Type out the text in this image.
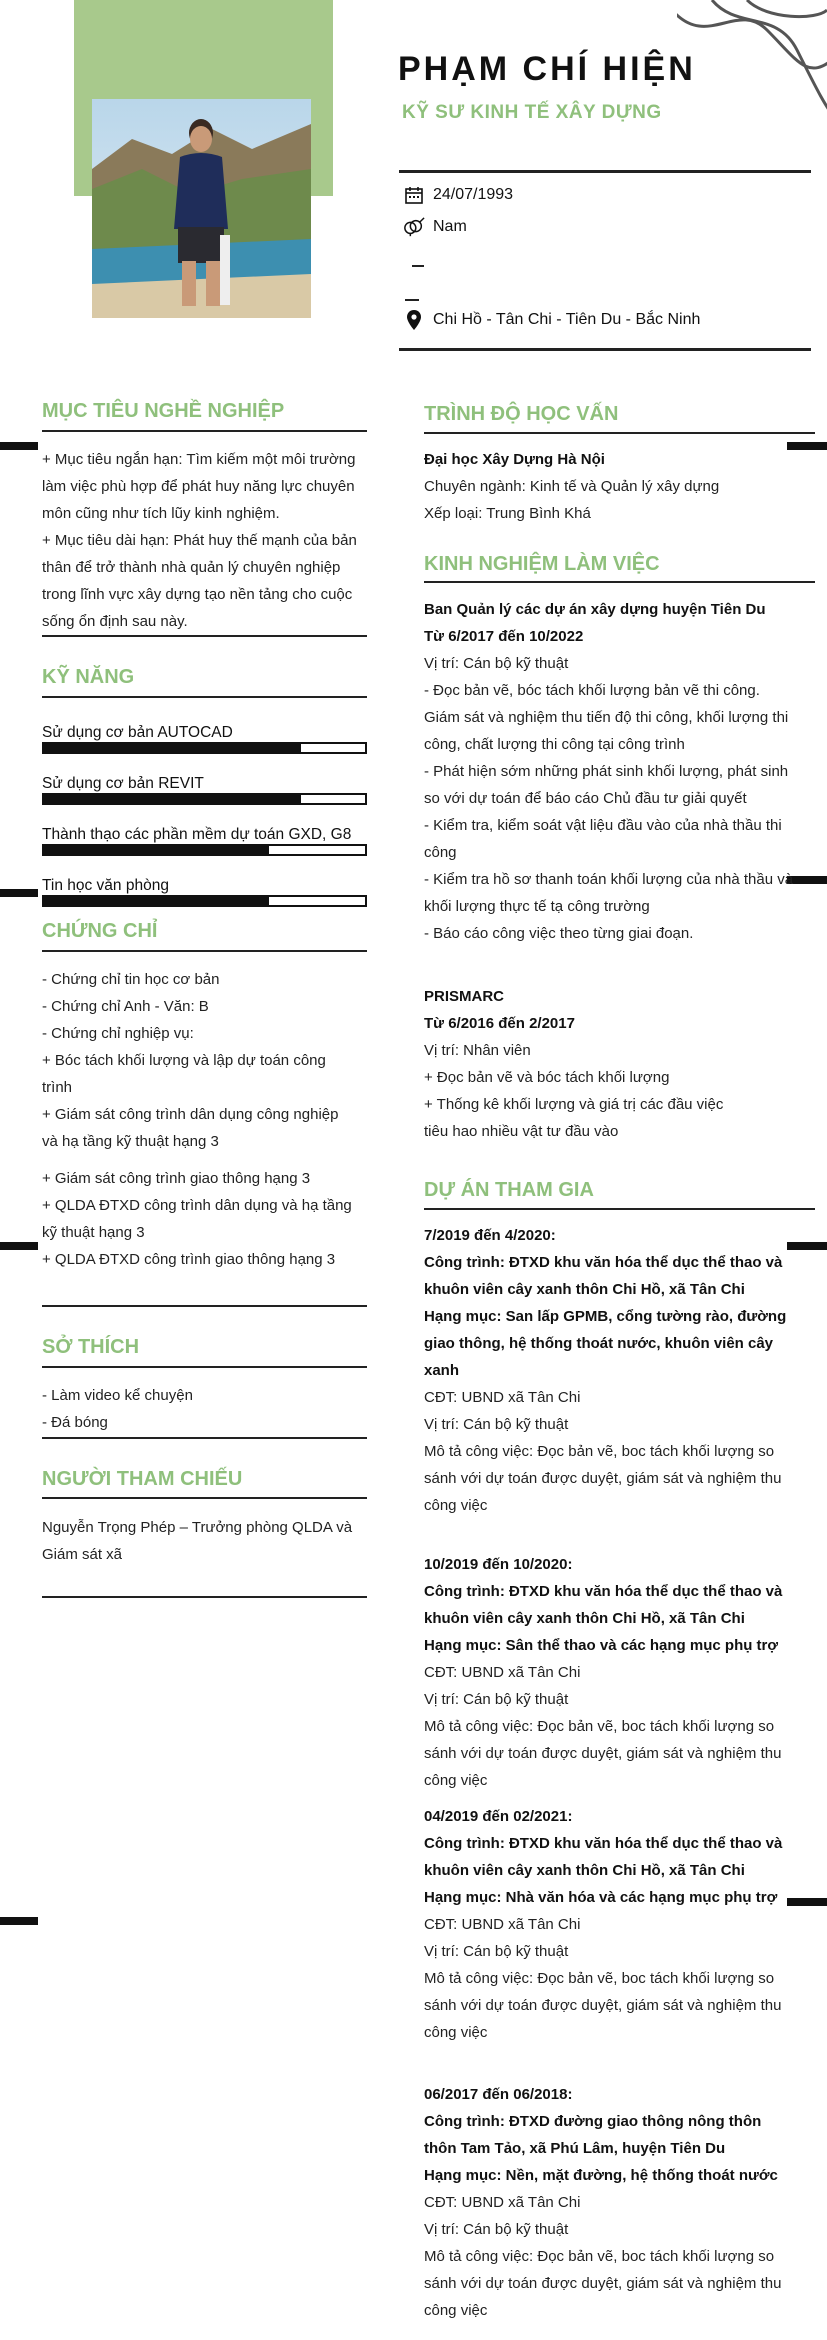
PHẠM CHÍ HIỆN
KỸ SƯ KINH TẾ XÂY DỰNG
24/07/1993
Nam
Chi Hồ - Tân Chi - Tiên Du - Bắc Ninh
MỤC TIÊU NGHỀ NGHIỆP
+ Mục tiêu ngắn hạn: Tìm kiếm một môi trường
làm việc phù hợp để phát huy năng lực chuyên
môn cũng như tích lũy kinh nghiệm.
+ Mục tiêu dài hạn: Phát huy thế mạnh của bản
thân để trở thành nhà quản lý chuyên nghiệp
trong lĩnh vực xây dựng tạo nền tảng cho cuộc
sống ổn định sau này.
KỸ NĂNG
Sử dụng cơ bản AUTOCAD
Sử dụng cơ bản REVIT
Thành thạo các phần mềm dự toán GXD, G8
Tin học văn phòng
CHỨNG CHỈ
- Chứng chỉ tin học cơ bản
- Chứng chỉ Anh - Văn: B
- Chứng chỉ nghiệp vụ:
+ Bóc tách khối lượng và lập dự toán công
trình
+ Giám sát công trình dân dụng công nghiệp
và hạ tầng kỹ thuật hạng 3
+ Giám sát công trình giao thông hạng 3
+ QLDA ĐTXD công trình dân dụng và hạ tầng
kỹ thuật hạng 3
+ QLDA ĐTXD công trình giao thông hạng 3
SỞ THÍCH
- Làm video kể chuyện
- Đá bóng
NGƯỜI THAM CHIẾU
Nguyễn Trọng Phép – Trưởng phòng QLDA và
Giám sát xã
TRÌNH ĐỘ HỌC VẤN
Đại học Xây Dựng Hà Nội
Chuyên ngành: Kinh tế và Quản lý xây dựng
Xếp loại: Trung Bình Khá
KINH NGHIỆM LÀM VIỆC
Ban Quản lý các dự án xây dựng huyện Tiên Du
Từ 6/2017 đến 10/2022
Vị trí: Cán bộ kỹ thuật
- Đọc bản vẽ, bóc tách khối lượng bản vẽ thi công.
Giám sát và nghiệm thu tiến độ thi công, khối lượng thi
công, chất lượng thi công tại công trình
- Phát hiện sớm những phát sinh khối lượng, phát sinh
so với dự toán để báo cáo Chủ đầu tư giải quyết
- Kiểm tra, kiểm soát vật liệu đầu vào của nhà thầu thi
công
- Kiểm tra hồ sơ thanh toán khối lượng của nhà thầu và
khối lượng thực tế tạ công trường
- Báo cáo công việc theo từng giai đoạn.
PRISMARC
Từ 6/2016 đến 2/2017
Vị trí: Nhân viên
+ Đọc bản vẽ và bóc tách khối lượng
+ Thống kê khối lượng và giá trị các đầu việc
tiêu hao nhiều vật tư đầu vào
DỰ ÁN THAM GIA
7/2019 đến 4/2020:
Công trình: ĐTXD khu văn hóa thể dục thể thao và
khuôn viên cây xanh thôn Chi Hồ, xã Tân Chi
Hạng mục: San lấp GPMB, cổng tường rào, đường
giao thông, hệ thống thoát nước, khuôn viên cây
xanh
CĐT: UBND xã Tân Chi
Vị trí: Cán bộ kỹ thuật
Mô tả công việc: Đọc bản vẽ, boc tách khối lượng so
sánh với dự toán được duyệt, giám sát và nghiệm thu
công việc
10/2019 đến 10/2020:
Công trình: ĐTXD khu văn hóa thể dục thể thao và
khuôn viên cây xanh thôn Chi Hồ, xã Tân Chi
Hạng mục: Sân thể thao và các hạng mục phụ trợ
CĐT: UBND xã Tân Chi
Vị trí: Cán bộ kỹ thuật
Mô tả công việc: Đọc bản vẽ, boc tách khối lượng so
sánh với dự toán được duyệt, giám sát và nghiệm thu
công việc
04/2019 đến 02/2021:
Công trình: ĐTXD khu văn hóa thể dục thể thao và
khuôn viên cây xanh thôn Chi Hồ, xã Tân Chi
Hạng mục: Nhà văn hóa và các hạng mục phụ trợ
CĐT: UBND xã Tân Chi
Vị trí: Cán bộ kỹ thuật
Mô tả công việc: Đọc bản vẽ, boc tách khối lượng so
sánh với dự toán được duyệt, giám sát và nghiệm thu
công việc
06/2017 đến 06/2018:
Công trình: ĐTXD đường giao thông nông thôn
thôn Tam Tảo, xã Phú Lâm, huyện Tiên Du
Hạng mục: Nền, mặt đường, hệ thống thoát nước
CĐT: UBND xã Tân Chi
Vị trí: Cán bộ kỹ thuật
Mô tả công việc: Đọc bản vẽ, boc tách khối lượng so
sánh với dự toán được duyệt, giám sát và nghiệm thu
công việc
